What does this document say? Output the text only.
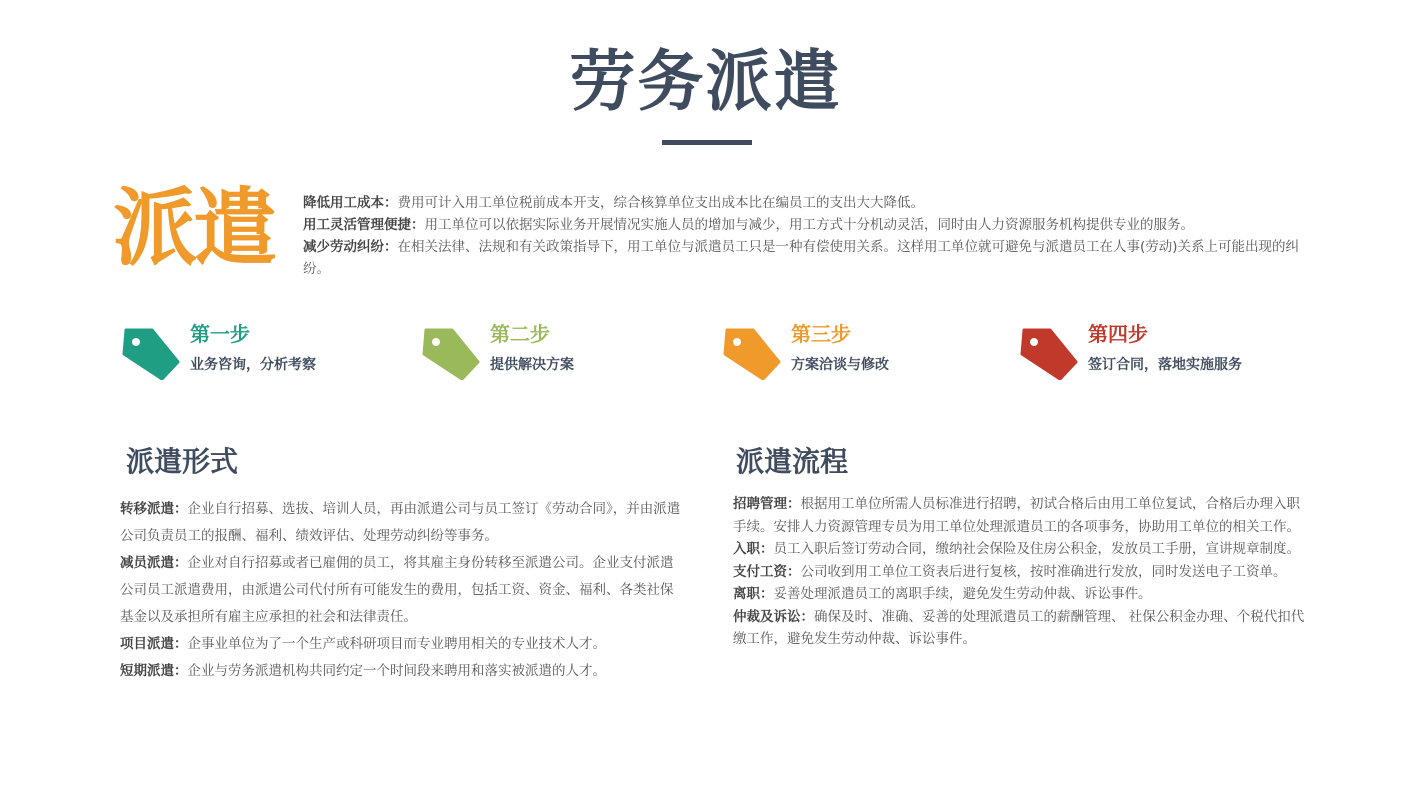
劳务派遣
派遣 降低用工成本：费用可计入用工单位税前成本开支，综合核算单位支出成本比在编员工的支出大大降低。

用工灵活管理便捷：用工单位可以依据实际业务开展情况实施人员的增加与减少，用工方式十分机动灵活，同时由人力资源服务机构提供专业的服务。

减少劳动纠纷：在相关法律、法规和有关政策指导下，用工单位与派遣员工只是一种有偿使用关系。这样用工单位就可避免与派遣员工在人事(劳动)关系上可能出现的纠纷。

第一步
业务咨询，分析考察
第二步
提供解决方案
第三步
方案洽谈与修改
第四步
签订合同，落地实施服务
派遣形式

转移派遣：企业自行招募、选拔、培训人员，再由派遣公司与员工签订《劳动合同》，并由派遣公司负责员工的报酬、福利、绩效评估、处理劳动纠纷等事务。

减员派遣：企业对自行招募或者已雇佣的员工，将其雇主身份转移至派遣公司。企业支付派遣公司员工派遣费用，由派遣公司代付所有可能发生的费用，包括工资、资金、福利、各类社保基金以及承担所有雇主应承担的社会和法律责任。

项目派遣：企事业单位为了一个生产或科研项目而专业聘用相关的专业技术人才。

短期派遣：企业与劳务派遣机构共同约定一个时间段来聘用和落实被派遣的人才。

派遣流程

招聘管理：根据用工单位所需人员标准进行招聘，初试合格后由用工单位复试，合格后办理入职手续。安排人力资源管理专员为用工单位处理派遣员工的各项事务，协助用工单位的相关工作。

入职：员工入职后签订劳动合同，缴纳社会保险及住房公积金，发放员工手册，宣讲规章制度。

支付工资：公司收到用工单位工资表后进行复核，按时准确进行发放，同时发送电子工资单。

离职：妥善处理派遣员工的离职手续，避免发生劳动仲裁、诉讼事件。

仲裁及诉讼：确保及时、准确、妥善的处理派遣员工的薪酬管理、 社保公积金办理、个税代扣代缴工作，避免发生劳动仲裁、诉讼事件。
